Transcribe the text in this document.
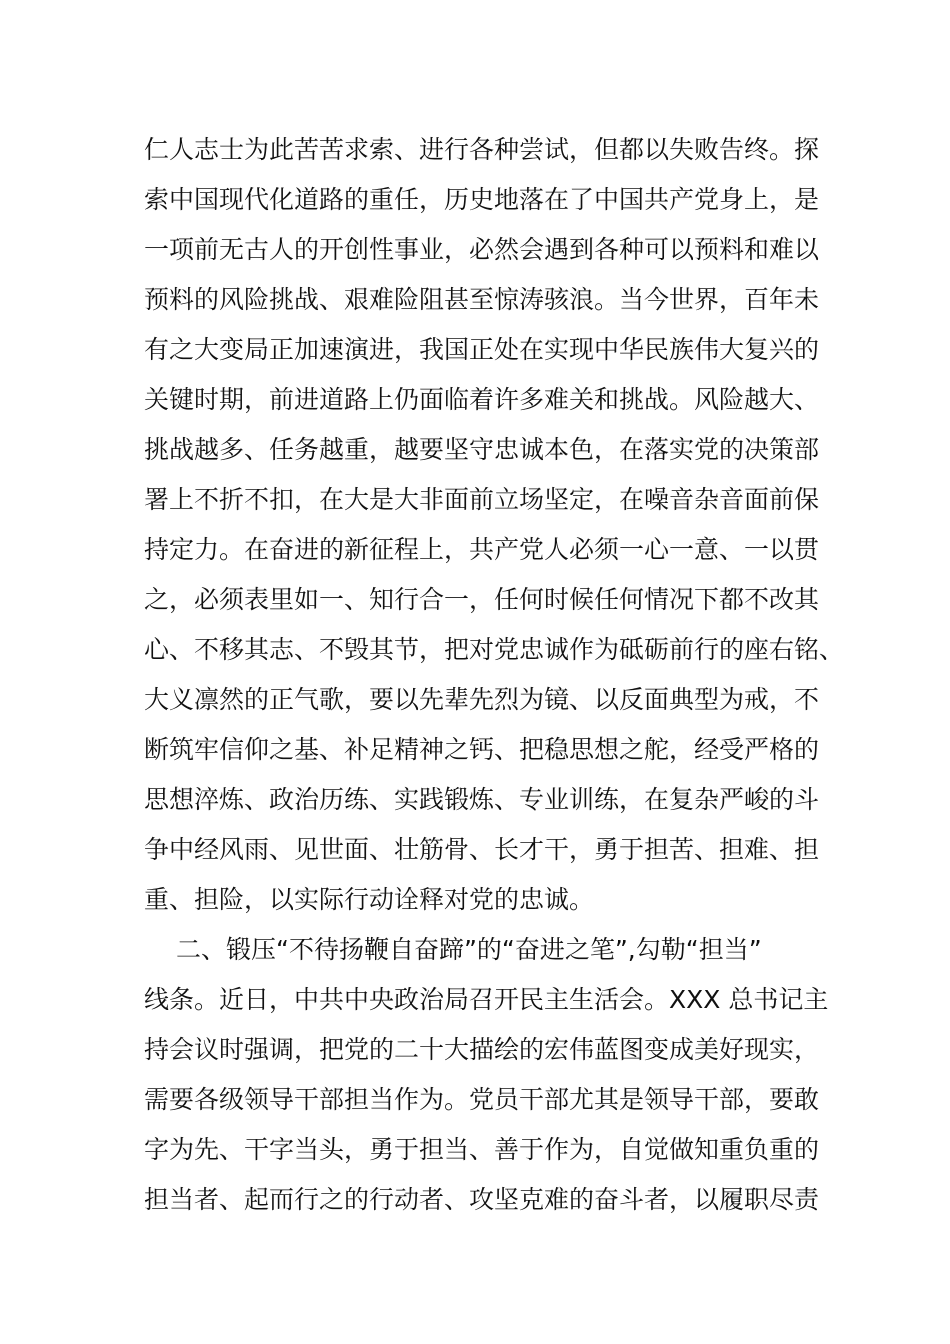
仁人志士为此苦苦求索、进行各种尝试，但都以失败告终。探
索中国现代化道路的重任，历史地落在了中国共产党身上，是
一项前无古人的开创性事业，必然会遇到各种可以预料和难以
预料的风险挑战、艰难险阻甚至惊涛骇浪。当今世界，百年未
有之大变局正加速演进，我国正处在实现中华民族伟大复兴的
关键时期，前进道路上仍面临着许多难关和挑战。风险越大、
挑战越多、任务越重，越要坚守忠诚本色，在落实党的决策部
署上不折不扣，在大是大非面前立场坚定，在噪音杂音面前保
持定力。在奋进的新征程上，共产党人必须一心一意、一以贯
之，必须表里如一、知行合一，任何时候任何情况下都不改其
心、不移其志、不毁其节，把对党忠诚作为砥砺前行的座右铭、
大义凛然的正气歌，要以先辈先烈为镜、以反面典型为戒，不
断筑牢信仰之基、补足精神之钙、把稳思想之舵，经受严格的
思想淬炼、政治历练、实践锻炼、专业训练，在复杂严峻的斗
争中经风雨、见世面、壮筋骨、长才干，勇于担苦、担难、担
重、担险，以实际行动诠释对党的忠诚。
二、锻压“不待扬鞭自奋蹄”的“奋进之笔”,勾勒“担当”
线条。近日，中共中央政治局召开民主生活会。XXX 总书记主
持会议时强调，把党的二十大描绘的宏伟蓝图变成美好现实，
需要各级领导干部担当作为。党员干部尤其是领导干部，要敢
字为先、干字当头，勇于担当、善于作为，自觉做知重负重的
担当者、起而行之的行动者、攻坚克难的奋斗者，以履职尽责
